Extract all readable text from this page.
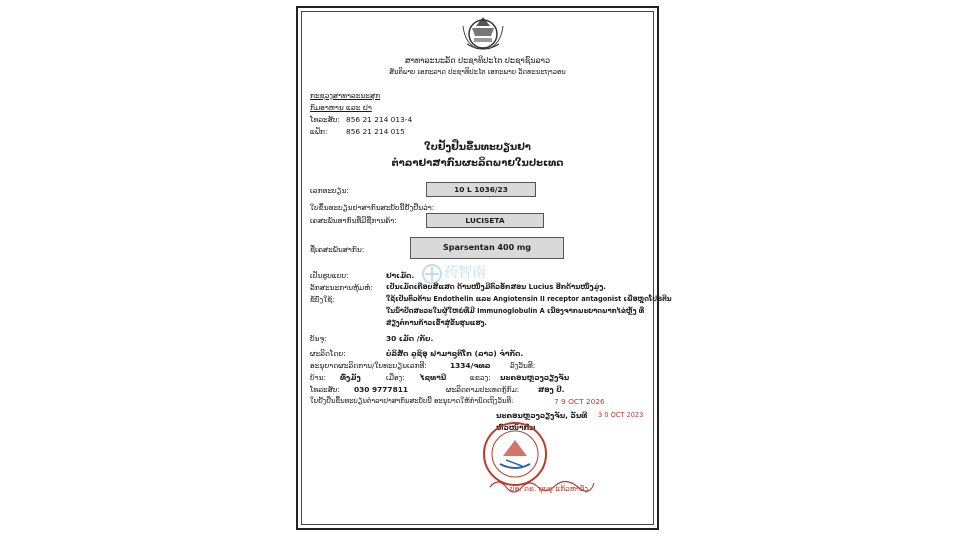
ສາທາລະນະລັດ ປະຊາທິປະໄຕ ປະຊາຊົນລາວ
ສັນຕິພາບ ເອກະລາດ ປະຊາທິປະໄຕ ເອກະພາບ ວັດທະນະຖາວອນ
ກະຊວງສາທາລະນະສຸກ
ກົມອາຫານ ແລະ ຢາ
ໂທລະສັບ: 856 21 214 013-4
ແຟັກ:	856 21 214 015
ໃບຢັ້ງຢືນຂຶ້ນທະບຽນຢາ
ຕໍາລາຢາສາກົນຜະລິດພາຍໃນປະເທດ
ເລກທະບຽນ:	10 L 1036/23
ໃບຂຶ້ນທະບຽນຢາສາກົນສະບັບນີ້ຢັ້ງຢືນວ່າ:
ເຄສະພັນທາກົນທີ່ມີຊື່ການຄ້າ:	LUCISETA
ຊື່ເຄສະພັນສາກົນ:	Sparsentan 400 mg
药智南
ເປັນຮູບແບບ:	ຢາເມັດ.
ລັກສະນະການຫຸ້ມຫໍ່: ເປັນເມັດເຄືອບສີແສດ ດ້ານໜຶ່ງມີຕົວອັກສອນ Lucius ອີກດ້ານໜຶ່ງມູ່ງ.
ຂໍ້ບົ່ງໃຊ້:	ໃຊ້ເປັນຕົວຕ້ານ Endothelin ແລະ Angiotensin II receptor antagonist ເພື່ອຫຼຸດໂປຣຕີນ
ໃນນໍ້າປັດສະວະໃນຜູ້ໃຫຍ່ທີ່ມີ Immunoglobulin A ເນື່ອງຈາກພະຍາດພາກໄຂ່ຫຼັງ ທີ່
ສ່ຽງຕໍ່ການກ້າວເຂົ້າສູ່ຂັ້ນຮຸນແຮງ.
ບັນຈຸ:	30 ເມັດ /ກັບ.
ຜະລິດໂດຍ:	ບໍລິສັດ ລູຊິອຸ ຟາມາຊູຕິໂກ (ລາວ) ຈໍາກັດ.
ອະນຸຍາດຜະລິດການ/ໃບທະບຽນເລກທີ:	1334/ຈທລ	ລົງວັນທີ:
ບ້ານ: ທົ່ງມັງ	ເມືອງ: ໄຊທານີ	ແຂວງ: ນະຄອນຫຼວງວຽງຈັນ
ໂທລະສັບ: 030 9777811	ຜະລິດຕາມປະເທດກູ້ກົມ:	ສອງ ປີ.
ໃບຢັ້ງຢືນຂຶ້ນທະບຽນຕໍາລາຢາສາກົນສະບັບນີ້ ອະນຸຍາດໃຫ້ກໍານົດເຖິງວັນທີ:	7 9 OCT 2026
ນະຄອນຫຼວງວຽງຈັນ, ວັນທີ 3 0 OCT 2023
ຫົວໜ້າກົມ
ປອ. ດຣ. ບຸບຣູ ແກ້ວຫາວົງ
